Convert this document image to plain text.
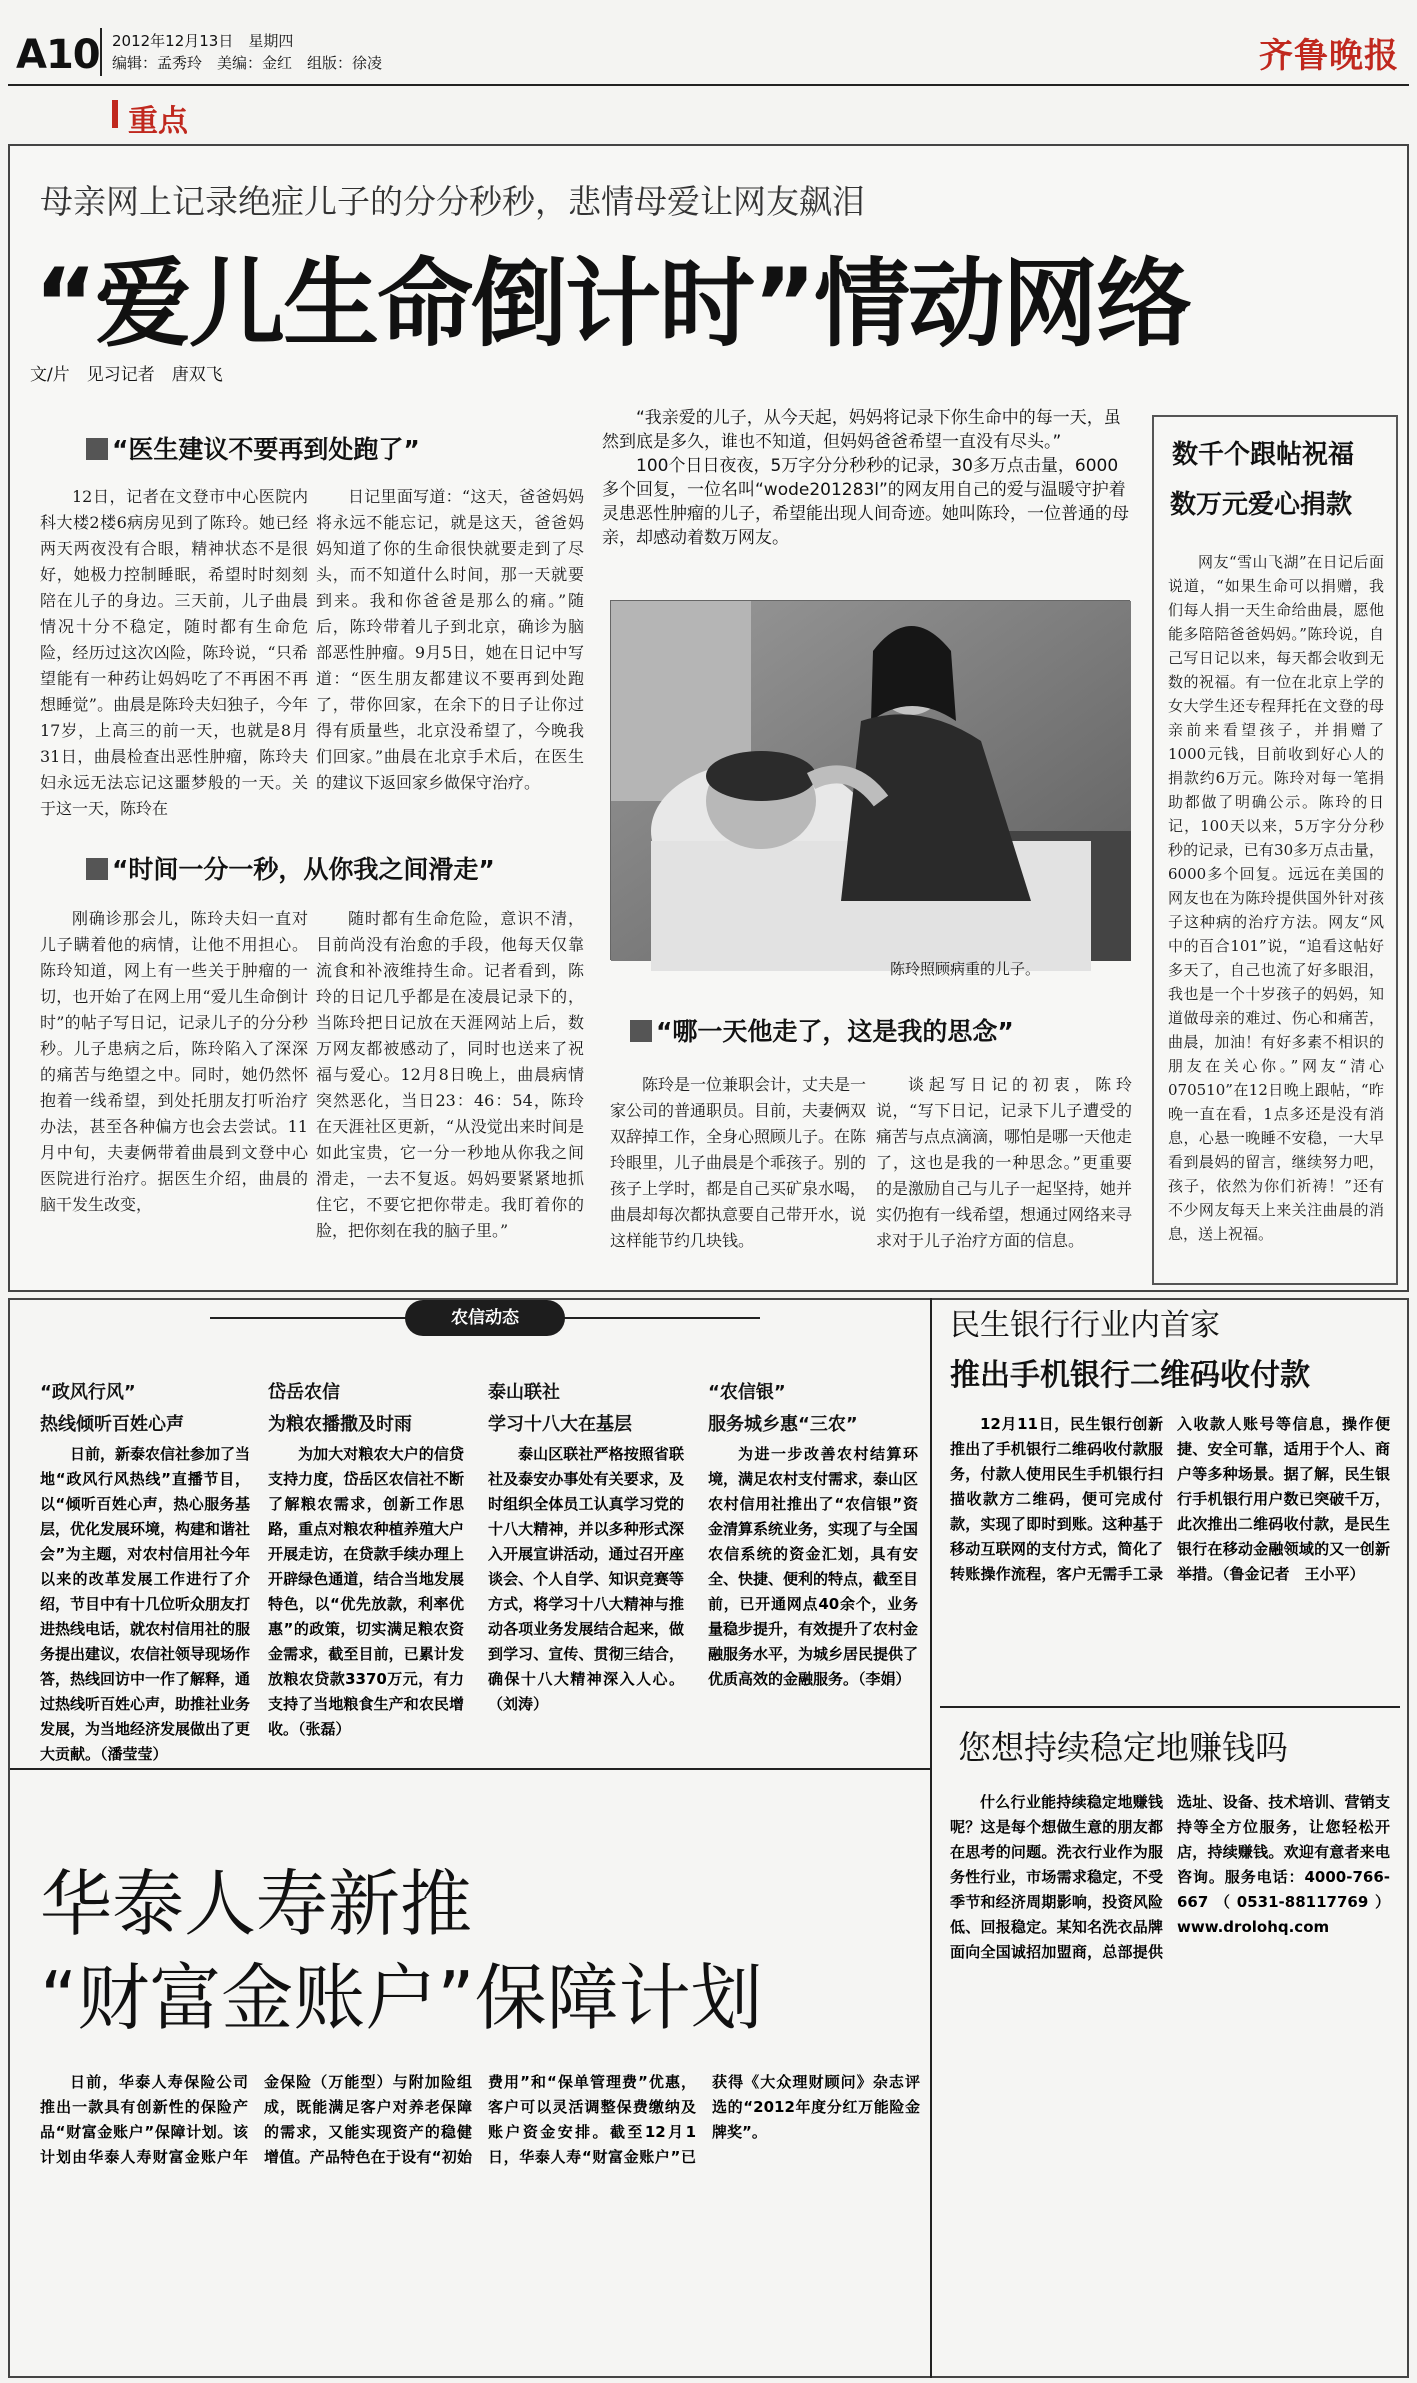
A10 2012年12月13日　星期四
编辑：孟秀玲　美编：金红　组版：徐凌	齐鲁晚报
重点
母亲网上记录绝症儿子的分分秒秒，悲情母爱让网友飙泪
“爱儿生命倒计时”情动网络
文/片　见习记者　唐双飞
“医生建议不要再到处跑了”

12日，记者在文登市中心医院内科大楼2楼6病房见到了陈玲。她已经两天两夜没有合眼，精神状态不是很好，她极力控制睡眠，希望时时刻刻陪在儿子的身边。三天前，儿子曲晨情况十分不稳定，随时都有生命危险，经历过这次凶险，陈玲说，“只希望能有一种药让妈妈吃了不再困不再想睡觉”。曲晨是陈玲夫妇独子，今年17岁，上高三的前一天，也就是8月31日，曲晨检查出恶性肿瘤，陈玲夫妇永远无法忘记这噩梦般的一天。关于这一天，陈玲在

日记里面写道：“这天，爸爸妈妈将永远不能忘记，就是这天，爸爸妈妈知道了你的生命很快就要走到了尽头，而不知道什么时间，那一天就要到来。我和你爸爸是那么的痛。”随后，陈玲带着儿子到北京，确诊为脑部恶性肿瘤。9月5日，她在日记中写道：“医生朋友都建议不要再到处跑了，带你回家，在余下的日子让你过得有质量些，北京没希望了，今晚我们回家。”曲晨在北京手术后，在医生的建议下返回家乡做保守治疗。

“时间一分一秒，从你我之间滑走”

刚确诊那会儿，陈玲夫妇一直对儿子瞒着他的病情，让他不用担心。陈玲知道，网上有一些关于肿瘤的一切，也开始了在网上用“爱儿生命倒计时”的帖子写日记，记录儿子的分分秒秒。儿子患病之后，陈玲陷入了深深的痛苦与绝望之中。同时，她仍然怀抱着一线希望，到处托朋友打听治疗办法，甚至各种偏方也会去尝试。11月中旬，夫妻俩带着曲晨到文登中心医院进行治疗。据医生介绍，曲晨的脑干发生改变，

随时都有生命危险，意识不清，目前尚没有治愈的手段，他每天仅靠流食和补液维持生命。记者看到，陈玲的日记几乎都是在凌晨记录下的，当陈玲把日记放在天涯网站上后，数万网友都被感动了，同时也送来了祝福与爱心。12月8日晚上，曲晨病情突然恶化，当日23：46：54，陈玲在天涯社区更新，“从没觉出来时间是如此宝贵，它一分一秒地从你我之间滑走，一去不复返。妈妈要紧紧地抓住它，不要它把你带走。我盯着你的脸，把你刻在我的脑子里。”

“我亲爱的儿子，从今天起，妈妈将记录下你生命中的每一天，虽然到底是多久，谁也不知道，但妈妈爸爸希望一直没有尽头。”

100个日日夜夜，5万字分分秒秒的记录，30多万点击量，6000多个回复，一位名叫“wode201283l”的网友用自己的爱与温暖守护着灵患恶性肿瘤的儿子，希望能出现人间奇迹。她叫陈玲，一位普通的母亲，却感动着数万网友。

陈玲照顾病重的儿子。
“哪一天他走了，这是我的思念”

陈玲是一位兼职会计，丈夫是一家公司的普通职员。目前，夫妻俩双双辞掉工作，全身心照顾儿子。在陈玲眼里，儿子曲晨是个乖孩子。别的孩子上学时，都是自己买矿泉水喝，曲晨却每次都执意要自己带开水，说这样能节约几块钱。

谈起写日记的初衷，陈玲说，“写下日记，记录下儿子遭受的痛苦与点点滴滴，哪怕是哪一天他走了，这也是我的一种思念。”更重要的是激励自己与儿子一起坚持，她并实仍抱有一线希望，想通过网络来寻求对于儿子治疗方面的信息。

数千个跟帖祝福
数万元爱心捐款

网友“雪山飞湖”在日记后面说道，“如果生命可以捐赠，我们每人捐一天生命给曲晨，愿他能多陪陪爸爸妈妈。”陈玲说，自己写日记以来，每天都会收到无数的祝福。有一位在北京上学的女大学生还专程拜托在文登的母亲前来看望孩子，并捐赠了1000元钱，目前收到好心人的捐款约6万元。陈玲对每一笔捐助都做了明确公示。陈玲的日记，100天以来，5万字分分秒秒的记录，已有30多万点击量，6000多个回复。远远在美国的网友也在为陈玲提供国外针对孩子这种病的治疗方法。网友“风中的百合101”说，“追看这帖好多天了，自己也流了好多眼泪，我也是一个十岁孩子的妈妈，知道做母亲的难过、伤心和痛苦，曲晨，加油！有好多素不相识的朋友在关心你。”网友“清心070510”在12日晚上跟帖，“昨晚一直在看，1点多还是没有消息，心悬一晚睡不安稳，一大早看到晨妈的留言，继续努力吧，孩子，依然为你们祈祷！”还有不少网友每天上来关注曲晨的消息，送上祝福。

农信动态
“政风行风”
热线倾听百姓心声

日前，新泰农信社参加了当地“政风行风热线”直播节目，以“倾听百姓心声，热心服务基层，优化发展环境，构建和谐社会”为主题，对农村信用社今年以来的改革发展工作进行了介绍，节目中有十几位听众朋友打进热线电话，就农村信用社的服务提出建议，农信社领导现场作答，热线回访中一作了解释，通过热线听百姓心声，助推社业务发展，为当地经济发展做出了更大贡献。（潘莹莹）

岱岳农信
为粮农播撒及时雨

为加大对粮农大户的信贷支持力度，岱岳区农信社不断了解粮农需求，创新工作思路，重点对粮农种植养殖大户开展走访，在贷款手续办理上开辟绿色通道，结合当地发展特色，以“优先放款，利率优惠”的政策，切实满足粮农资金需求，截至目前，已累计发放粮农贷款3370万元，有力支持了当地粮食生产和农民增收。（张磊）

泰山联社
学习十八大在基层

泰山区联社严格按照省联社及泰安办事处有关要求，及时组织全体员工认真学习党的十八大精神，并以多种形式深入开展宣讲活动，通过召开座谈会、个人自学、知识竞赛等方式，将学习十八大精神与推动各项业务发展结合起来，做到学习、宣传、贯彻三结合，确保十八大精神深入人心。（刘涛）

“农信银”
服务城乡惠“三农”

为进一步改善农村结算环境，满足农村支付需求，泰山区农村信用社推出了“农信银”资金清算系统业务，实现了与全国农信系统的资金汇划，具有安全、快捷、便利的特点，截至目前，已开通网点40余个，业务量稳步提升，有效提升了农村金融服务水平，为城乡居民提供了优质高效的金融服务。（李娟）

民生银行行业内首家
推出手机银行二维码收付款

12月11日，民生银行创新推出了手机银行二维码收付款服务，付款人使用民生手机银行扫描收款方二维码，便可完成付款，实现了即时到账。这种基于移动互联网的支付方式，简化了转账操作流程，客户无需手工录入收款人账号等信息，操作便捷、安全可靠，适用于个人、商户等多种场景。据了解，民生银行手机银行用户数已突破千万，此次推出二维码收付款，是民生银行在移动金融领域的又一创新举措。（鲁金记者　王小平）

您想持续稳定地赚钱吗

什么行业能持续稳定地赚钱呢？这是每个想做生意的朋友都在思考的问题。洗衣行业作为服务性行业，市场需求稳定，不受季节和经济周期影响，投资风险低、回报稳定。某知名洗衣品牌面向全国诚招加盟商，总部提供选址、设备、技术培训、营销支持等全方位服务，让您轻松开店，持续赚钱。欢迎有意者来电咨询。服务电话：4000-766-667（0531-88117769）www.drolohq.com

华泰人寿新推
“财富金账户”保障计划

日前，华泰人寿保险公司推出一款具有创新性的保险产品“财富金账户”保障计划。该计划由华泰人寿财富金账户年金保险（万能型）与附加险组成，既能满足客户对养老保障的需求，又能实现资产的稳健增值。产品特色在于设有“初始费用”和“保单管理费”优惠，客户可以灵活调整保费缴纳及账户资金安排。截至12月1日，华泰人寿“财富金账户”已获得《大众理财顾问》杂志评选的“2012年度分红万能险金牌奖”。
